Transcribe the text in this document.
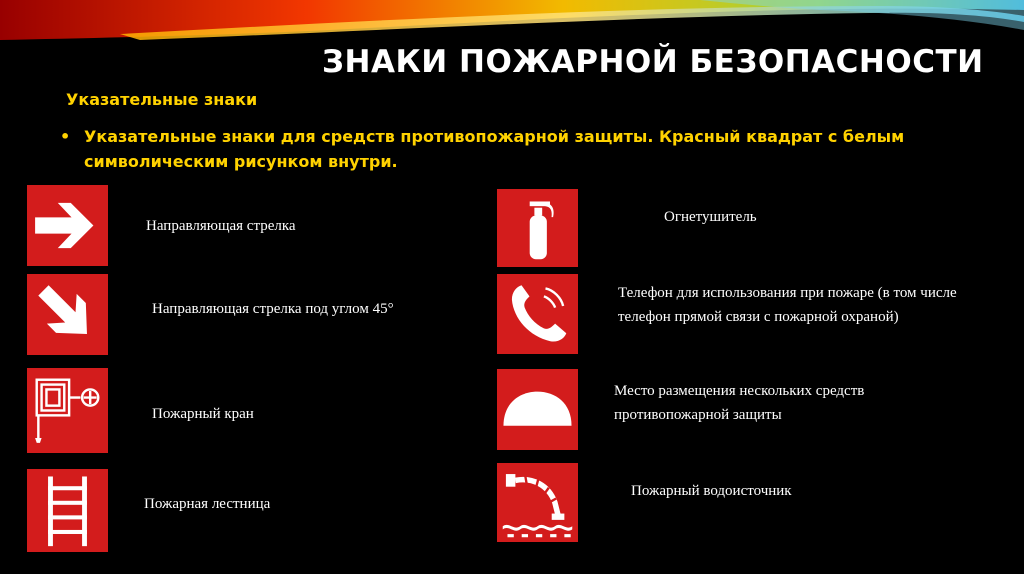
ЗНАКИ ПОЖАРНОЙ БЕЗОПАСНОСТИ
Указательные знаки
• Указательные знаки для средств противопожарной защиты. Красный квадрат с белым символическим рисунком внутри.
Направляющая стрелка
Направляющая стрелка под углом 45°
Пожарный кран
Пожарная лестница
Огнетушитель
Телефон для использования при пожаре (в том числе телефон прямой связи с пожарной охраной)
Место размещения нескольких средств противопожарной защиты
Пожарный водоисточник
